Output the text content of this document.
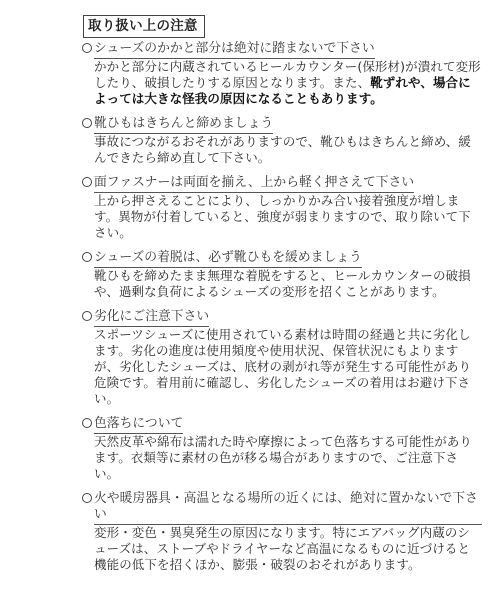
取り扱い上の注意
シューズのかかと部分は絶対に踏まないで下さい
かかと部分に内蔵されているヒールカウンター(保形材)が潰れて変形したり、破損したりする原因となります。また、靴ずれや、場合によっては大きな怪我の原因になることもあります。
靴ひもはきちんと締めましょう
事故につながるおそれがありますので、靴ひもはきちんと締め、緩んできたら締め直して下さい。
面ファスナーは両面を揃え、上から軽く押さえて下さい
上から押さえることにより、しっかりかみ合い接着強度が増します。異物が付着していると、強度が弱まりますので、取り除いて下さい。
シューズの着脱は、必ず靴ひもを緩めましょう
靴ひもを締めたまま無理な着脱をすると、ヒールカウンターの破損や、過剰な負荷によるシューズの変形を招くことがあります。
劣化にご注意下さい
スポーツシューズに使用されている素材は時間の経過と共に劣化します。劣化の進度は使用頻度や使用状況、保管状況にもよりますが、劣化したシューズは、底材の剥がれ等が発生する可能性があり危険です。着用前に確認し、劣化したシューズの着用はお避け下さい。
色落ちについて
天然皮革や綿布は濡れた時や摩擦によって色落ちする可能性があります。衣類等に素材の色が移る場合がありますので、ご注意下さい。
火や暖房器具・高温となる場所の近くには、絶対に置かないで下さい
変形・変色・異臭発生の原因になります。特にエアバッグ内蔵のシューズは、ストーブやドライヤーなど高温になるものに近づけると機能の低下を招くほか、膨張・破裂のおそれがあります。
